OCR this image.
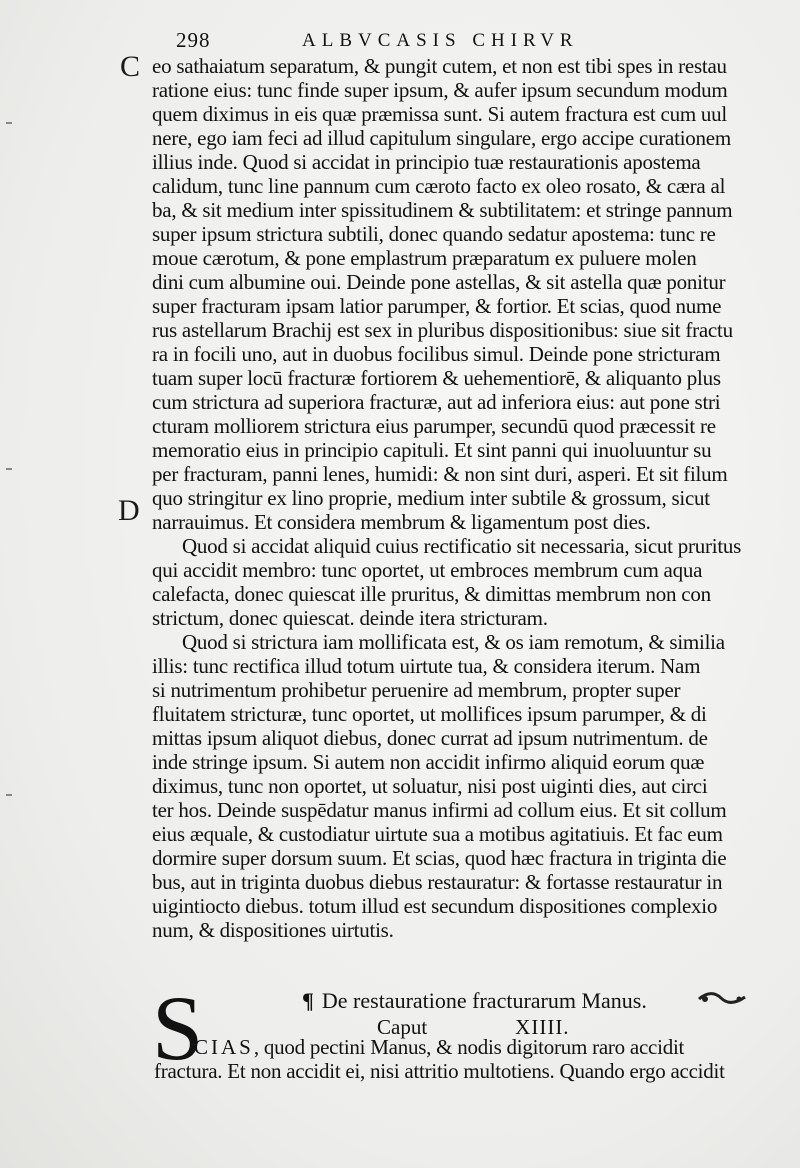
298	ALBVCASIS CHIRVR
C
D
eo sathaiatum separatum, & pungit cutem, et non est tibi spes in restau
ratione eius: tunc finde super ipsum, & aufer ipsum secundum modum
quem diximus in eis quæ præmissa sunt. Si autem fractura est cum uul
nere, ego iam feci ad illud capitulum singulare, ergo accipe curationem
illius inde. Quod si accidat in principio tuæ restaurationis apostema
calidum, tunc line pannum cum cæroto facto ex oleo rosato, & cæra al
ba, & sit medium inter spissitudinem & subtilitatem: et stringe pannum
super ipsum strictura subtili, donec quando sedatur apostema: tunc re
moue cærotum, & pone emplastrum præparatum ex puluere molen
dini cum albumine oui. Deinde pone astellas, & sit astella quæ ponitur
super fracturam ipsam latior parumper, & fortior. Et scias, quod nume
rus astellarum Brachij est sex in pluribus dispositionibus: siue sit fractu
ra in focili uno, aut in duobus focilibus simul. Deinde pone stricturam
tuam super locū fracturæ fortiorem & uehementiorē, & aliquanto plus
cum strictura ad superiora fracturæ, aut ad inferiora eius: aut pone stri
cturam molliorem strictura eius parumper, secundū quod præcessit re
memoratio eius in principio capituli. Et sint panni qui inuoluuntur su
per fracturam, panni lenes, humidi: & non sint duri, asperi. Et sit filum
quo stringitur ex lino proprie, medium inter subtile & grossum, sicut
narrauimus. Et considera membrum & ligamentum post dies.
Quod si accidat aliquid cuius rectificatio sit necessaria, sicut pruritus
qui accidit membro: tunc oportet, ut embroces membrum cum aqua
calefacta, donec quiescat ille pruritus, & dimittas membrum non con
strictum, donec quiescat. deinde itera stricturam.
Quod si strictura iam mollificata est, & os iam remotum, & similia
illis: tunc rectifica illud totum uirtute tua, & considera iterum. Nam
si nutrimentum prohibetur peruenire ad membrum, propter super
fluitatem stricturæ, tunc oportet, ut mollifices ipsum parumper, & di
mittas ipsum aliquot diebus, donec currat ad ipsum nutrimentum. de
inde stringe ipsum. Si autem non accidit infirmo aliquid eorum quæ
diximus, tunc non oportet, ut soluatur, nisi post uiginti dies, aut circi
ter hos. Deinde suspēdatur manus infirmi ad collum eius. Et sit collum
eius æquale, & custodiatur uirtute sua a motibus agitatiuis. Et fac eum
dormire super dorsum suum. Et scias, quod hæc fractura in triginta die
bus, aut in triginta duobus diebus restauratur: & fortasse restauratur in
uigintiocto diebus. totum illud est secundum dispositiones complexio
num, & dispositiones uirtutis.
S	¶ De restauratione fracturarum Manus.
Caput	XIIII.
CIAS, quod pectini Manus, & nodis digitorum raro accidit
fractura. Et non accidit ei, nisi attritio multotiens. Quando ergo accidit
